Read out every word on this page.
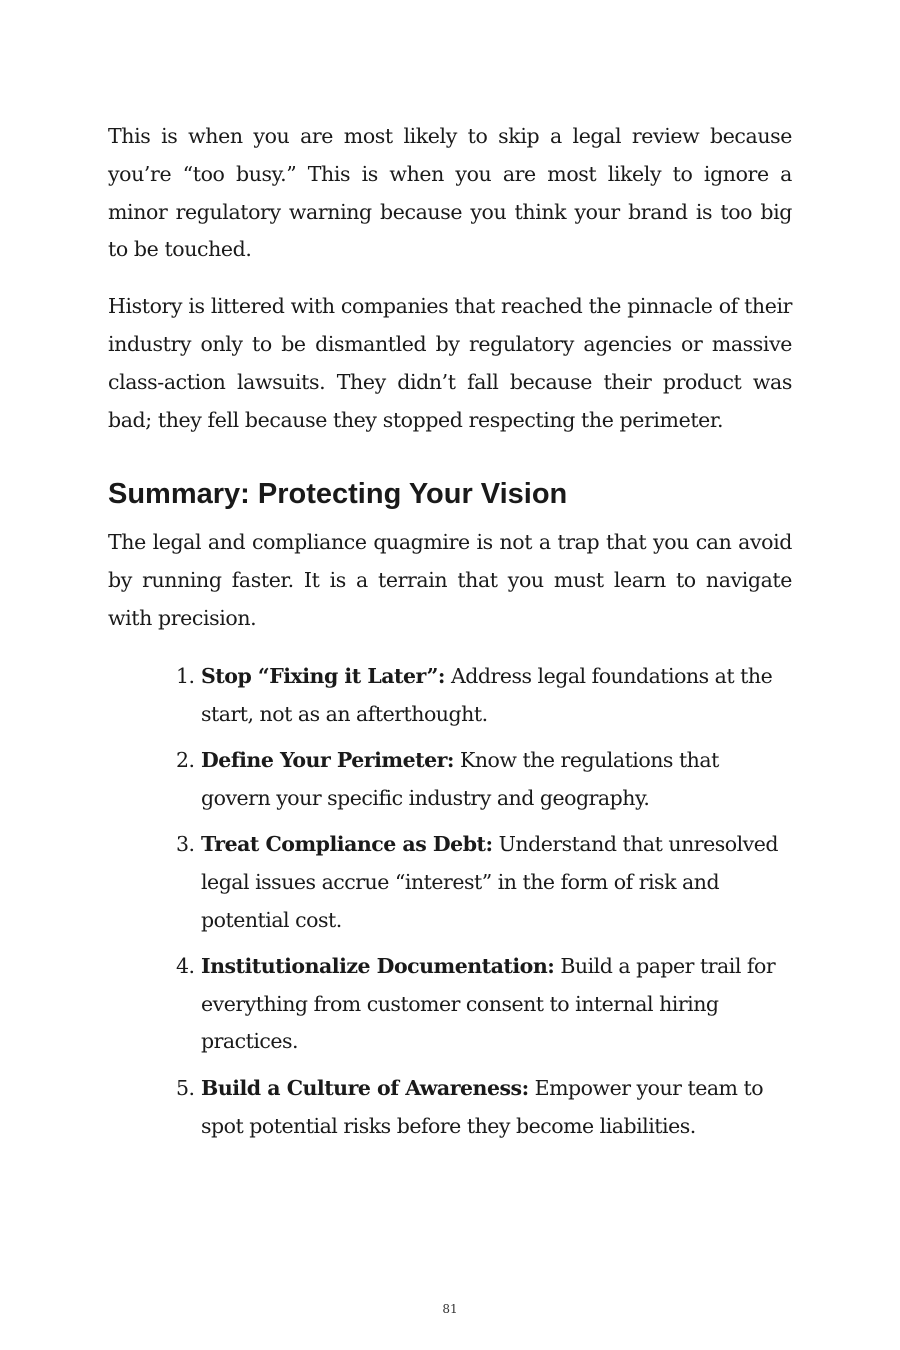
This is when you are most likely to skip a legal review because you’re “too busy.” This is when you are most likely to ignore a minor regulatory warning because you think your brand is too big to be touched.

History is littered with companies that reached the pinnacle of their industry only to be dismantled by regulatory agencies or massive class-action lawsuits. They didn’t fall because their product was bad; they fell because they stopped respecting the perimeter.

Summary: Protecting Your Vision

The legal and compliance quagmire is not a trap that you can avoid by running faster. It is a terrain that you must learn to navigate with precision.

1. Stop “Fixing it Later”: Address legal foundations at the start, not as an afterthought.
2. Define Your Perimeter: Know the regulations that govern your specific industry and geography.
3. Treat Compliance as Debt: Understand that unresolved legal issues accrue “interest” in the form of risk and potential cost.
4. Institutionalize Documentation: Build a paper trail for everything from customer consent to internal hiring practices.
5. Build a Culture of Awareness: Empower your team to spot potential risks before they become liabilities.
81
